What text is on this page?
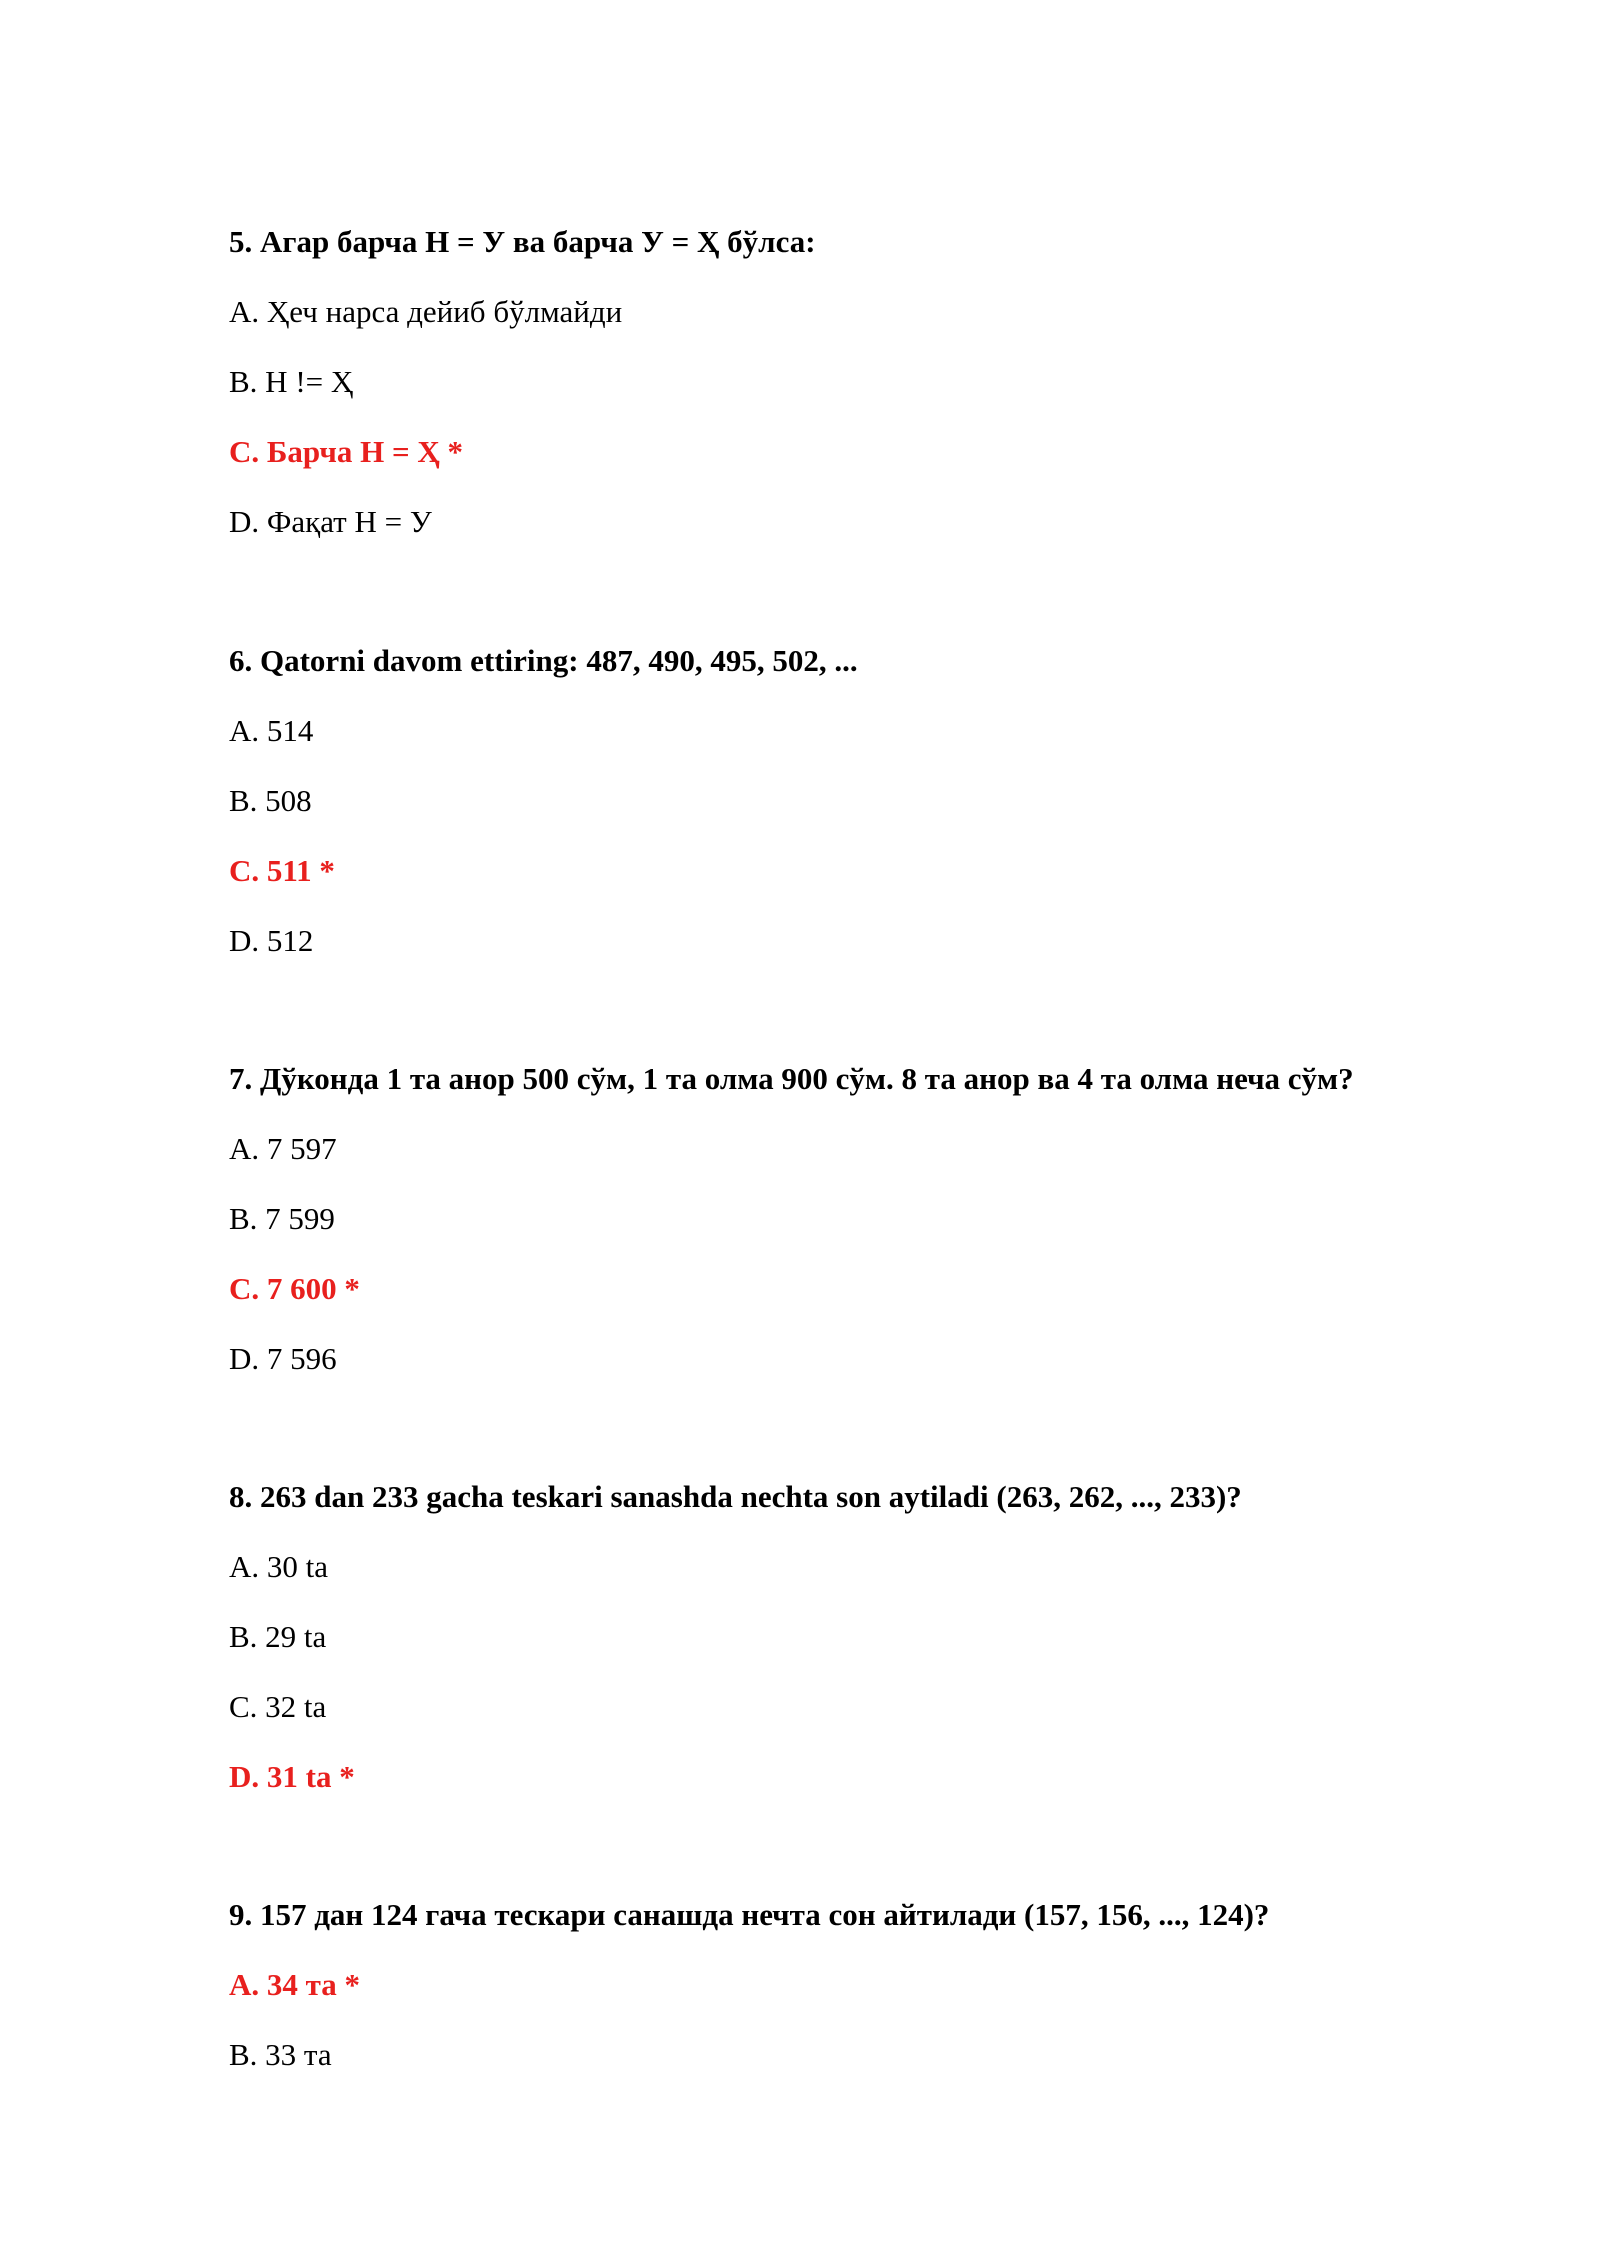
5. Агар барча Н = У ва барча У = Ҳ бўлса:
A. Ҳеч нарса дейиб бўлмайди
B. Н != Ҳ
C. Барча Н = Ҳ *
D. Фақат Н = У
6. Qatorni davom ettiring: 487, 490, 495, 502, ...
A. 514
B. 508
C. 511 *
D. 512
7. Дўконда 1 та анор 500 сўм, 1 та олма 900 сўм. 8 та анор ва 4 та олма неча сўм?
A. 7 597
B. 7 599
C. 7 600 *
D. 7 596
8. 263 dan 233 gacha teskari sanashda nechta son aytiladi (263, 262, ..., 233)?
A. 30 ta
B. 29 ta
C. 32 ta
D. 31 ta *
9. 157 дан 124 гача тескари санашда нечта сон айтилади (157, 156, ..., 124)?
A. 34 та *
B. 33 та
